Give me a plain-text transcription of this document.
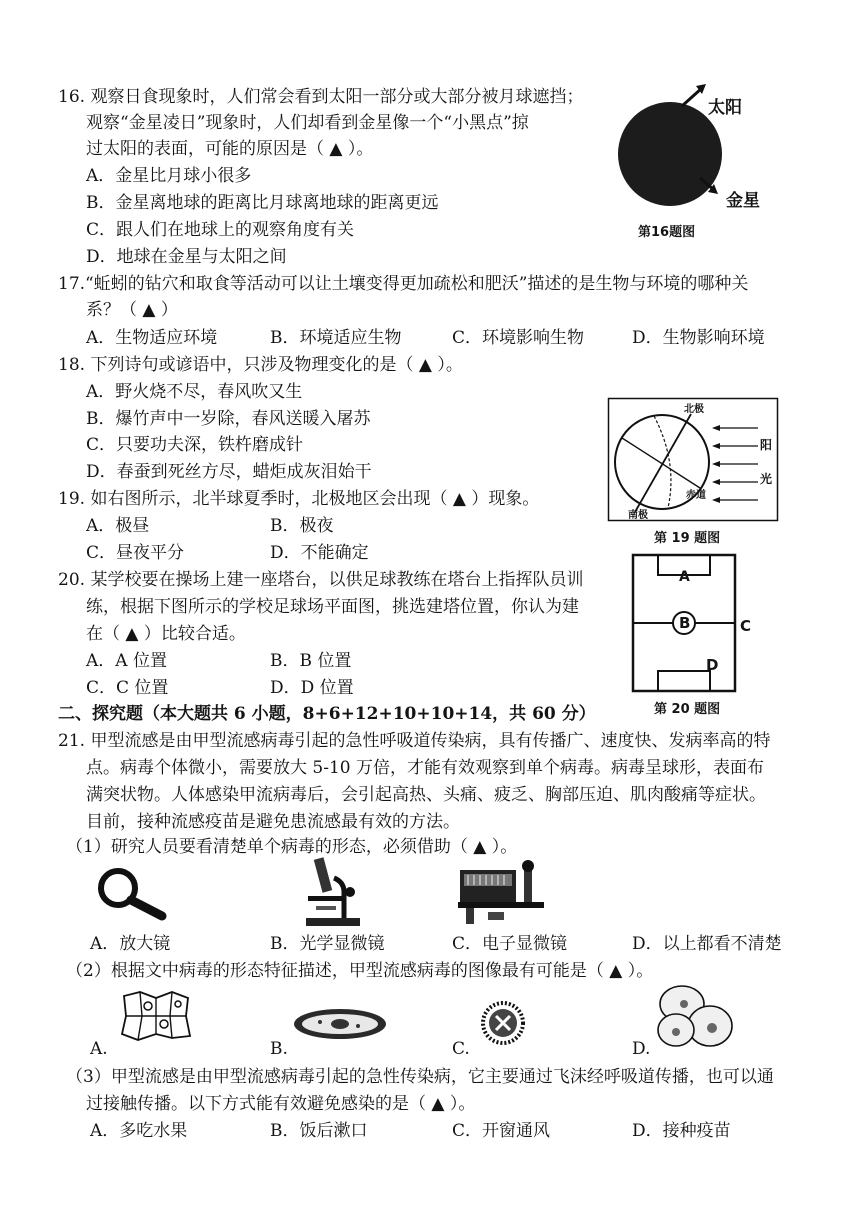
16. 观察日食现象时，人们常会看到太阳一部分或大部分被月球遮挡；
观察“金星凌日”现象时，人们却看到金星像一个“小黑点”掠
过太阳的表面，可能的原因是（ ▲ ）。
A．金星比月球小很多
B．金星离地球的距离比月球离地球的距离更远
C．跟人们在地球上的观察角度有关
D．地球在金星与太阳之间
太阳
金星
第16题图
17.“蚯蚓的钻穴和取食等活动可以让土壤变得更加疏松和肥沃”描述的是生物与环境的哪种关
系？（ ▲ ）
A．生物适应环境	B．环境适应生物	C．环境影响生物	D．生物影响环境
18. 下列诗句或谚语中，只涉及物理变化的是（ ▲ ）。
A．野火烧不尽，春风吹又生
B．爆竹声中一岁除，春风送暖入屠苏
C．只要功夫深，铁杵磨成针
D．春蚕到死丝方尽，蜡炬成灰泪始干
北极
南极
赤道
阳
光
第 19 题图
19. 如右图所示，北半球夏季时，北极地区会出现（ ▲ ）现象。
A．极昼	B．极夜
C．昼夜平分	D．不能确定
20. 某学校要在操场上建一座塔台，以供足球教练在塔台上指挥队员训
练，根据下图所示的学校足球场平面图，挑选建塔位置，你认为建
在（ ▲ ）比较合适。
A．A 位置	B．B 位置
C．C 位置	D．D 位置
A
B	C
D
第 20 题图
二、探究题（本大题共 6 小题，8+6+12+10+10+14，共 60 分）
21. 甲型流感是由甲型流感病毒引起的急性呼吸道传染病，具有传播广、速度快、发病率高的特
点。病毒个体微小，需要放大 5-10 万倍，才能有效观察到单个病毒。病毒呈球形，表面布
满突状物。人体感染甲流病毒后，会引起高热、头痛、疲乏、胸部压迫、肌肉酸痛等症状。
目前，接种流感疫苗是避免患流感最有效的方法。
（1）研究人员要看清楚单个病毒的形态，必须借助（ ▲ ）。
A．放大镜	B．光学显微镜	C．电子显微镜	D．以上都看不清楚
（2）根据文中病毒的形态特征描述，甲型流感病毒的图像最有可能是（ ▲ ）。
A.	B.	C.	D.
（3）甲型流感是由甲型流感病毒引起的急性传染病，它主要通过飞沫经呼吸道传播，也可以通
过接触传播。以下方式能有效避免感染的是（ ▲ ）。
A．多吃水果	B．饭后漱口	C．开窗通风	D．接种疫苗
